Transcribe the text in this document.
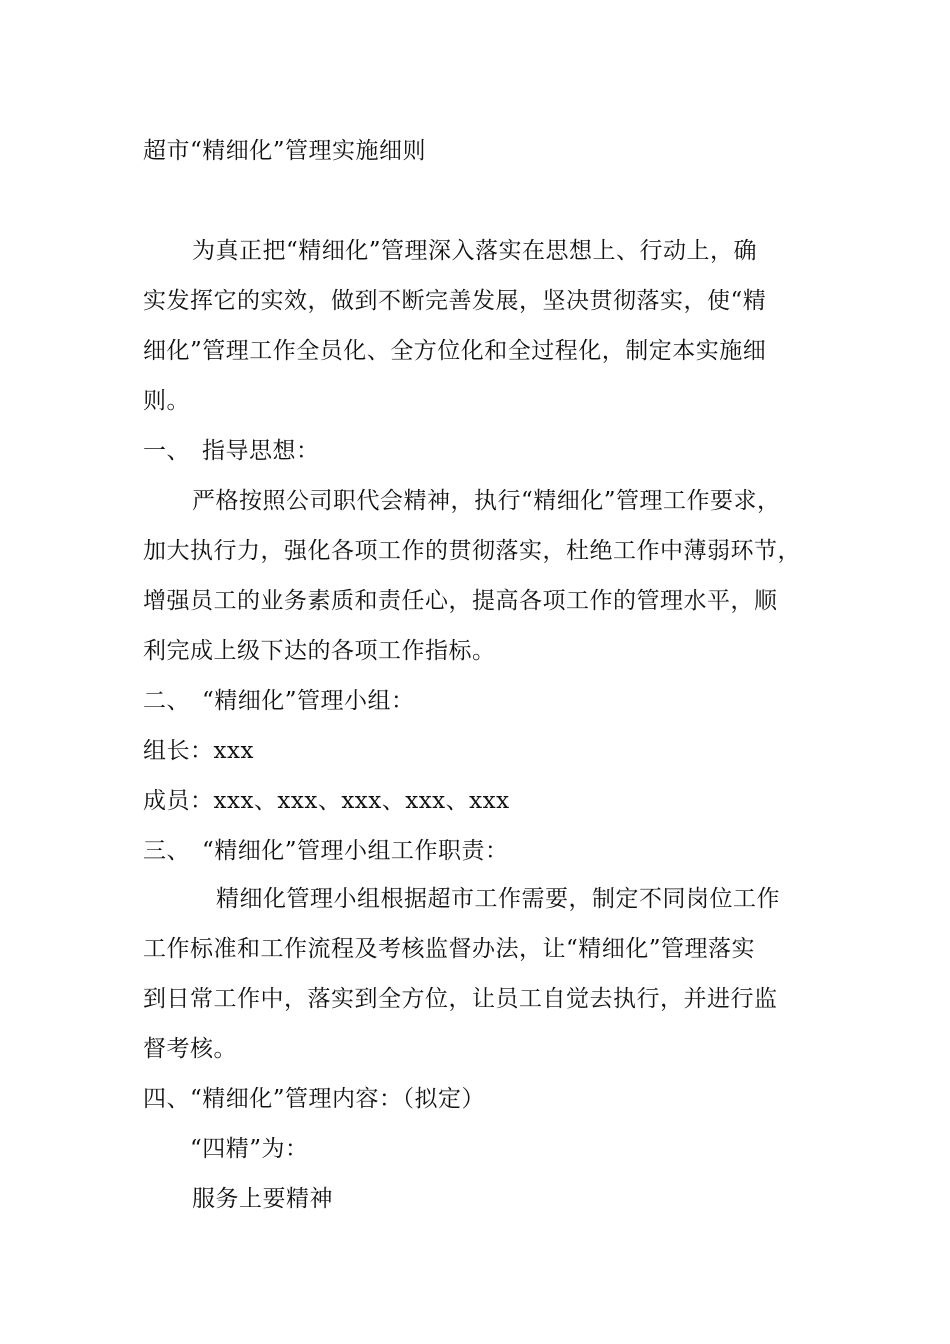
超市“精细化”管理实施细则
为真正把“精细化”管理深入落实在思想上、行动上，确
实发挥它的实效，做到不断完善发展，坚决贯彻落实，使“精
细化”管理工作全员化、全方位化和全过程化，制定本实施细
则。
一、　指导思想：
严格按照公司职代会精神，执行“精细化”管理工作要求，
加大执行力，强化各项工作的贯彻落实，杜绝工作中薄弱环节，
增强员工的业务素质和责任心，提高各项工作的管理水平，顺
利完成上级下达的各项工作指标。
二、　“精细化”管理小组：
组长：xxx
成员：xxx、xxx、xxx、xxx、xxx
三、　“精细化”管理小组工作职责：
精细化管理小组根据超市工作需要，制定不同岗位工作
工作标准和工作流程及考核监督办法，让“精细化”管理落实
到日常工作中，落实到全方位，让员工自觉去执行，并进行监
督考核。
四、“精细化”管理内容：（拟定）
“四精”为：
服务上要精神
